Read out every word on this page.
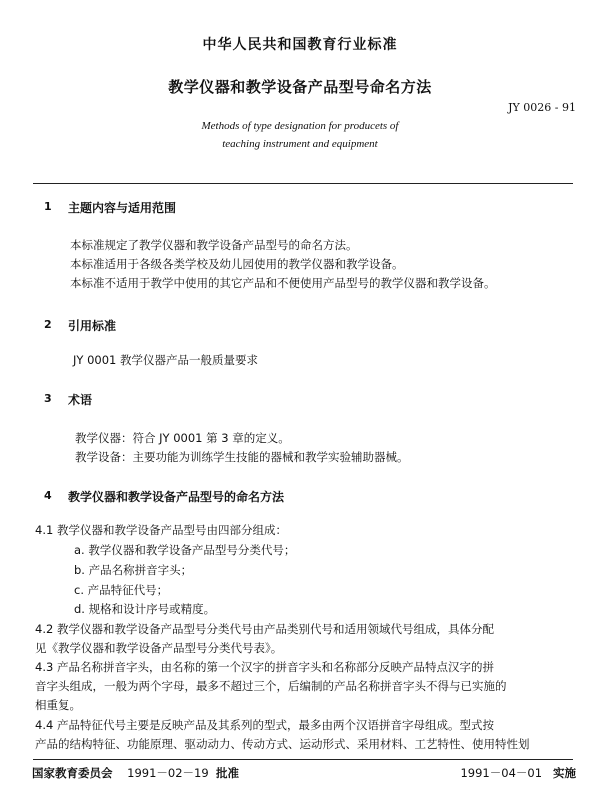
中华人民共和国教育行业标准
教学仪器和教学设备产品型号命名方法
JY 0026 - 91
Methods of type designation for producets of
teaching instrument and equipment
1 主题内容与适用范围
本标准规定了教学仪器和教学设备产品型号的命名方法。
本标准适用于各级各类学校及幼儿园使用的教学仪器和教学设备。
本标准不适用于教学中使用的其它产品和不便使用产品型号的教学仪器和教学设备。
2 引用标准
JY 0001 教学仪器产品一般质量要求
3 术语
教学仪器：符合 JY 0001 第 3 章的定义。
教学设备：主要功能为训练学生技能的器械和教学实验辅助器械。
4 教学仪器和教学设备产品型号的命名方法
4.1 教学仪器和教学设备产品型号由四部分组成：
a. 教学仪器和教学设备产品型号分类代号；
b. 产品名称拼音字头；
c. 产品特征代号；
d. 规格和设计序号或精度。
4.2 教学仪器和教学设备产品型号分类代号由产品类别代号和适用领域代号组成，具体分配
见《教学仪器和教学设备产品型号分类代号表》。
4.3 产品名称拼音字头，由名称的第一个汉字的拼音字头和名称部分反映产品特点汉字的拼
音字头组成，一般为两个字母，最多不超过三个，后编制的产品名称拼音字头不得与已实施的
相重复。
4.4 产品特征代号主要是反映产品及其系列的型式，最多由两个汉语拼音字母组成。型式按
产品的结构特征、功能原理、驱动动力、传动方式、运动形式、采用材料、工艺特性、使用特性划
国家教育委员会 1991－02－19 批准	1991－04－01 实施
